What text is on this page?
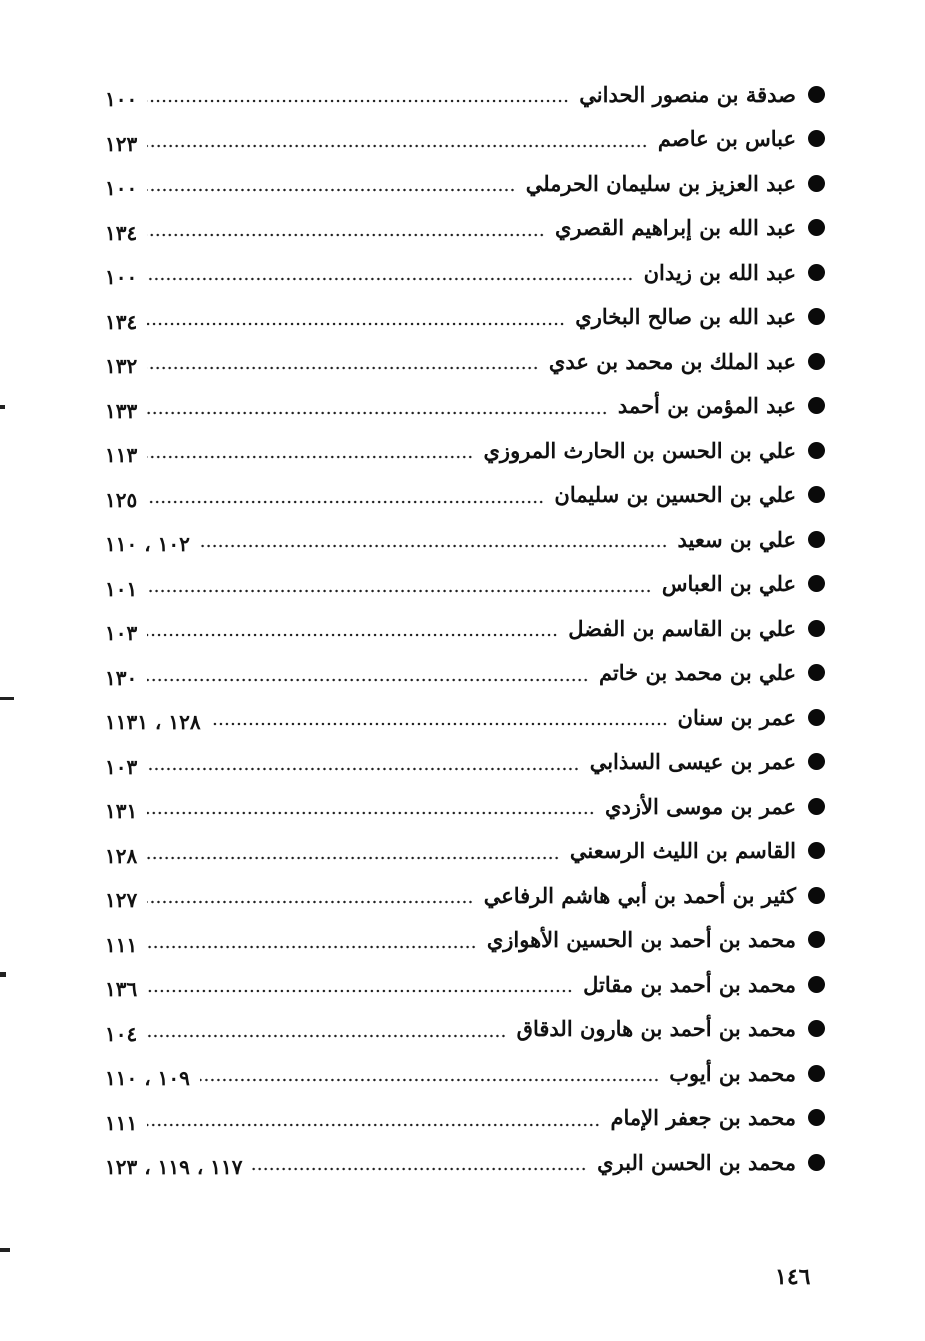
صدقة بن منصور الحداني
١٠٠
عباس بن عاصم
١٢٣
عبد العزيز بن سليمان الحرملي
١٠٠
عبد الله بن إبراهيم القصري
١٣٤
عبد الله بن زيدان
١٠٠
عبد الله بن صالح البخاري
١٣٤
عبد الملك بن محمد بن عدي
١٣٢
عبد المؤمن بن أحمد
١٣٣
علي بن الحسن بن الحارث المروزي
١١٣
علي بن الحسين بن سليمان
١٢٥
علي بن سعيد
١٠٢ ، ١١٠
علي بن العباس
١٠١
علي بن القاسم بن الفضل
١٠٣
علي بن محمد بن خاتم
١٣٠
عمر بن سنان
١٢٨ ، ١١٣١
عمر بن عيسى السذابي
١٠٣
عمر بن موسى الأزدي
١٣١
القاسم بن الليث الرسعني
١٢٨
كثير بن أحمد بن أبي هاشم الرفاعي
١٢٧
محمد بن أحمد بن الحسين الأهوازي
١١١
محمد بن أحمد بن مقاتل
١٣٦
محمد بن أحمد بن هارون الدقاق
١٠٤
محمد بن أيوب
١٠٩ ، ١١٠
محمد بن جعفر الإمام
١١١
محمد بن الحسن البري
١١٧ ، ١١٩ ، ١٢٣
١٤٦
